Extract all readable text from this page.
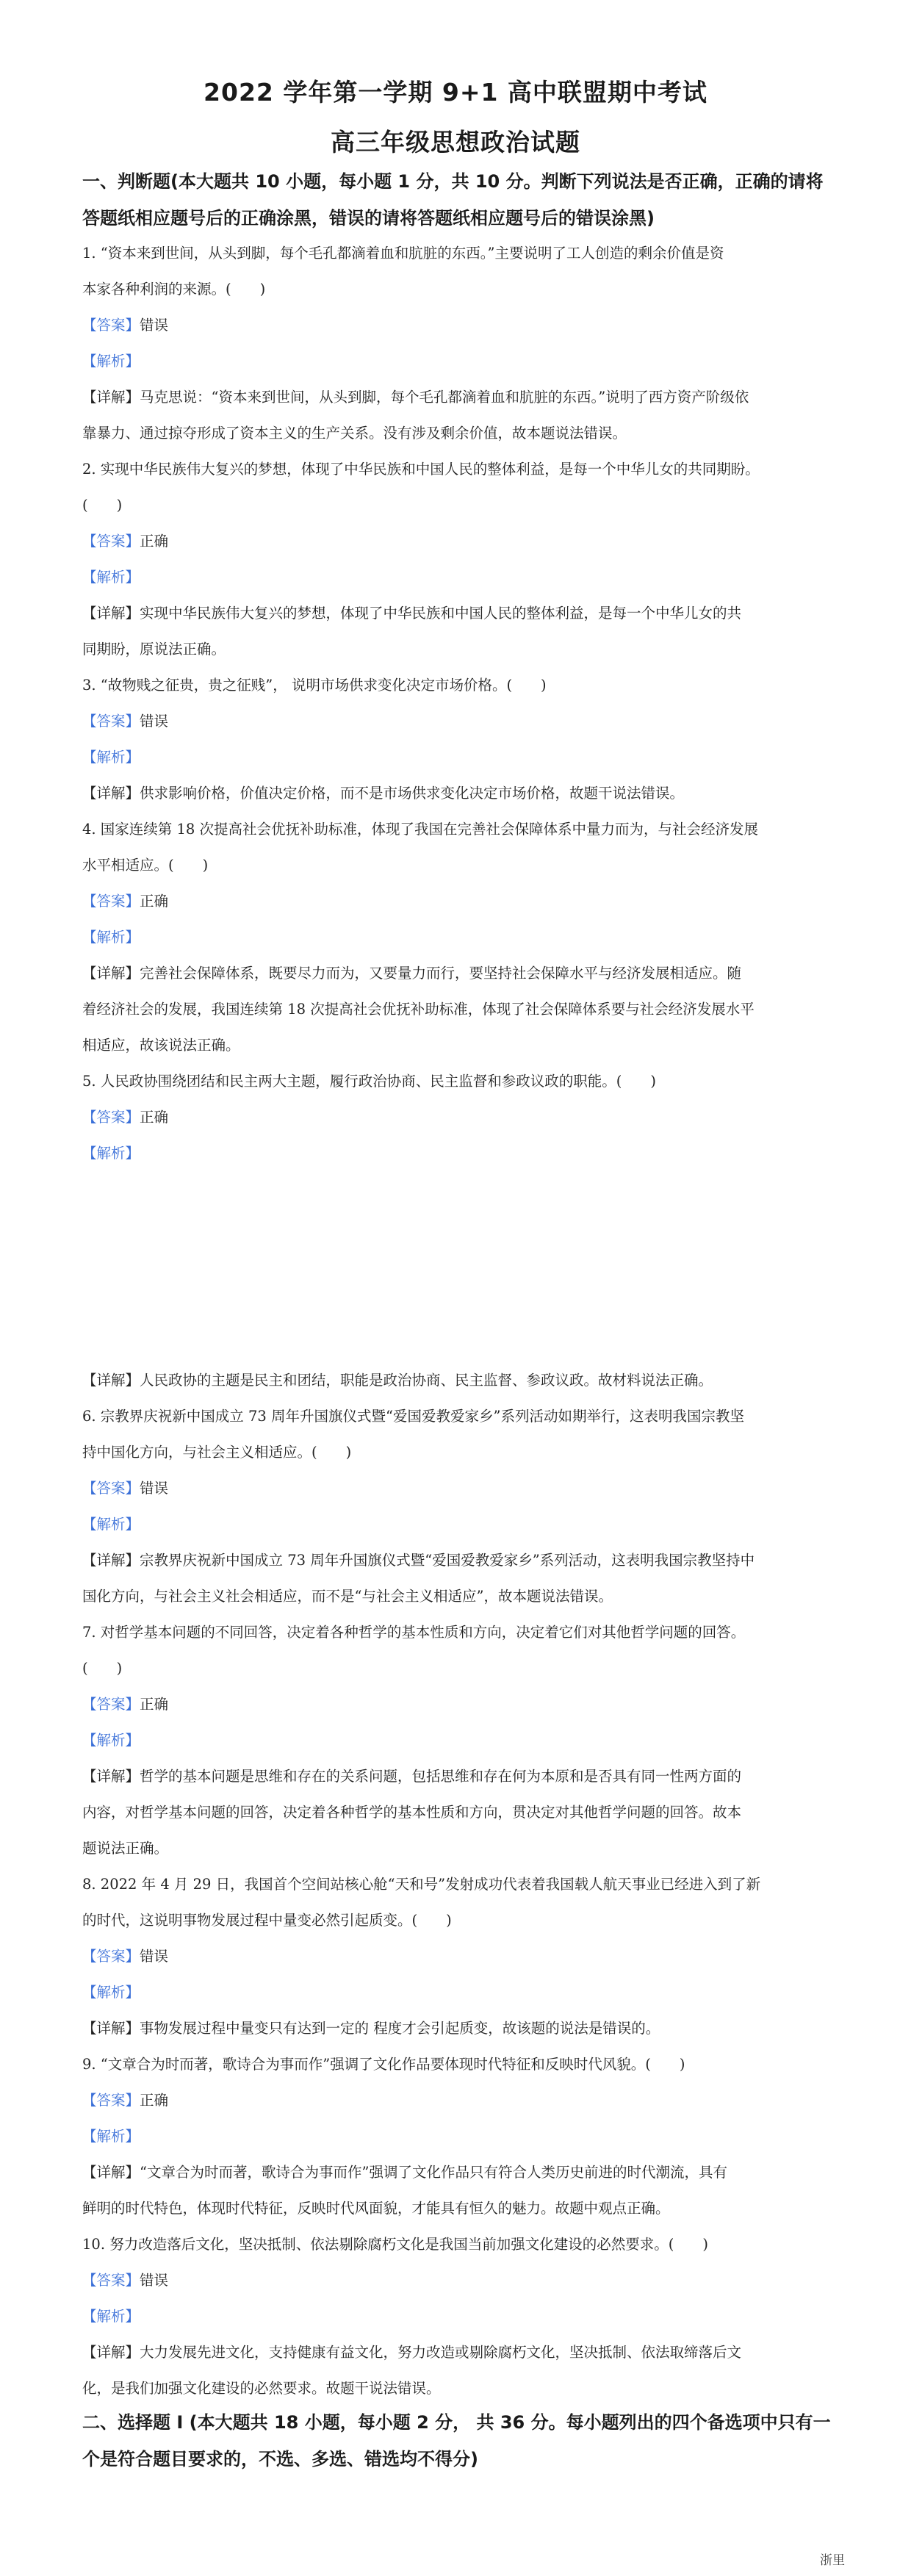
2022 学年第一学期 9+1 高中联盟期中考试
高三年级思想政治试题
一、判断题(本大题共 10 小题，每小题 1 分，共 10 分。判断下列说法是否正确，正确的请将
答题纸相应题号后的正确涂黑，错误的请将答题纸相应题号后的错误涂黑)
1. “资本来到世间，从头到脚，每个毛孔都滴着血和肮脏的东西。”主要说明了工人创造的剩余价值是资
本家各种利润的来源。(　　)
【答案】错误
【解析】
【详解】马克思说：“资本来到世间，从头到脚，每个毛孔都滴着血和肮脏的东西。”说明了西方资产阶级依
靠暴力、通过掠夺形成了资本主义的生产关系。没有涉及剩余价值，故本题说法错误。
2. 实现中华民族伟大复兴的梦想，体现了中华民族和中国人民的整体利益，是每一个中华儿女的共同期盼。
(　　)
【答案】正确
【解析】
【详解】实现中华民族伟大复兴的梦想，体现了中华民族和中国人民的整体利益，是每一个中华儿女的共
同期盼，原说法正确。
3. “故物贱之征贵，贵之征贱”， 说明市场供求变化决定市场价格。(　　)
【答案】错误
【解析】
【详解】供求影响价格，价值决定价格，而不是市场供求变化决定市场价格，故题干说法错误。
4. 国家连续第 18 次提高社会优抚补助标准，体现了我国在完善社会保障体系中量力而为，与社会经济发展
水平相适应。(　　)
【答案】正确
【解析】
【详解】完善社会保障体系，既要尽力而为，又要量力而行，要坚持社会保障水平与经济发展相适应。随
着经济社会的发展，我国连续第 18 次提高社会优抚补助标准，体现了社会保障体系要与社会经济发展水平
相适应，故该说法正确。
5. 人民政协围绕团结和民主两大主题，履行政治协商、民主监督和参政议政的职能。(　　)
【答案】正确
【解析】
【详解】人民政协的主题是民主和团结，职能是政治协商、民主监督、参政议政。故材料说法正确。
6. 宗教界庆祝新中国成立 73 周年升国旗仪式暨“爱国爱教爱家乡”系列活动如期举行，这表明我国宗教坚
持中国化方向，与社会主义相适应。(　　)
【答案】错误
【解析】
【详解】宗教界庆祝新中国成立 73 周年升国旗仪式暨“爱国爱教爱家乡”系列活动，这表明我国宗教坚持中
国化方向，与社会主义社会相适应，而不是“与社会主义相适应”，故本题说法错误。
7. 对哲学基本问题的不同回答，决定着各种哲学的基本性质和方向，决定着它们对其他哲学问题的回答。
(　　)
【答案】正确
【解析】
【详解】哲学的基本问题是思维和存在的关系问题，包括思维和存在何为本原和是否具有同一性两方面的
内容，对哲学基本问题的回答，决定着各种哲学的基本性质和方向，贯决定对其他哲学问题的回答。故本
题说法正确。
8. 2022 年 4 月 29 日，我国首个空间站核心舱“天和号”发射成功代表着我国载人航天事业已经进入到了新
的时代，这说明事物发展过程中量变必然引起质变。(　　)
【答案】错误
【解析】
【详解】事物发展过程中量变只有达到一定的 程度才会引起质变，故该题的说法是错误的。
9. “文章合为时而著，歌诗合为事而作”强调了文化作品要体现时代特征和反映时代风貌。(　　)
【答案】正确
【解析】
【详解】“文章合为时而著，歌诗合为事而作”强调了文化作品只有符合人类历史前进的时代潮流，具有
鲜明的时代特色，体现时代特征，反映时代风面貌，才能具有恒久的魅力。故题中观点正确。
10. 努力改造落后文化，坚决抵制、依法剔除腐朽文化是我国当前加强文化建设的必然要求。(　　)
【答案】错误
【解析】
【详解】大力发展先进文化，支持健康有益文化，努力改造或剔除腐朽文化，坚决抵制、依法取缔落后文
化，是我们加强文化建设的必然要求。故题干说法错误。
二、选择题 I (本大题共 18 小题，每小题 2 分， 共 36 分。每小题列出的四个备选项中只有一
个是符合题目要求的，不选、多选、错选均不得分)
浙里
